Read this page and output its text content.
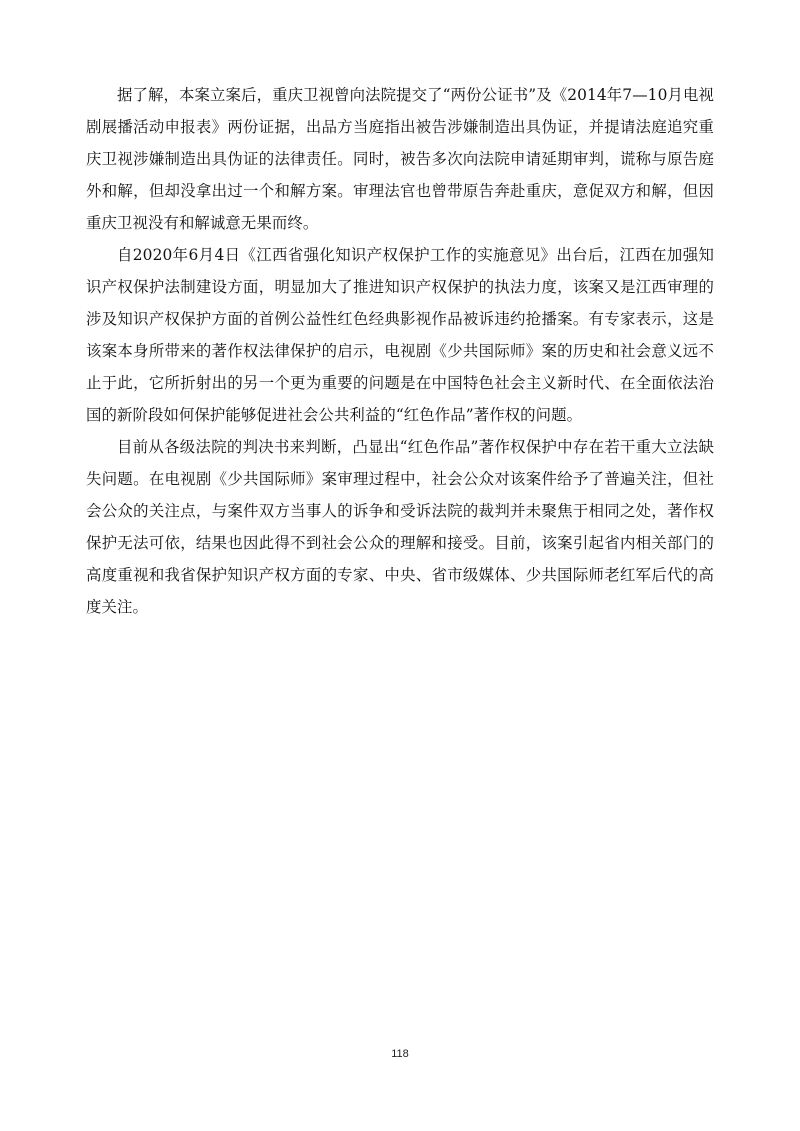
据了解，本案立案后，重庆卫视曾向法院提交了“两份公证书”及《2014年7—10月电视剧展播活动申报表》两份证据，出品方当庭指出被告涉嫌制造出具伪证，并提请法庭追究重庆卫视涉嫌制造出具伪证的法律责任。同时，被告多次向法院申请延期审判，谎称与原告庭外和解，但却没拿出过一个和解方案。审理法官也曾带原告奔赴重庆，意促双方和解，但因重庆卫视没有和解诚意无果而终。

自2020年6月4日《江西省强化知识产权保护工作的实施意见》出台后，江西在加强知识产权保护法制建设方面，明显加大了推进知识产权保护的执法力度，该案又是江西审理的涉及知识产权保护方面的首例公益性红色经典影视作品被诉违约抢播案。有专家表示，这是该案本身所带来的著作权法律保护的启示，电视剧《少共国际师》案的历史和社会意义远不止于此，它所折射出的另一个更为重要的问题是在中国特色社会主义新时代、在全面依法治国的新阶段如何保护能够促进社会公共利益的“红色作品”著作权的问题。

目前从各级法院的判决书来判断，凸显出“红色作品”著作权保护中存在若干重大立法缺失问题。在电视剧《少共国际师》案审理过程中，社会公众对该案件给予了普遍关注，但社会公众的关注点，与案件双方当事人的诉争和受诉法院的裁判并未聚焦于相同之处，著作权保护无法可依，结果也因此得不到社会公众的理解和接受。目前，该案引起省内相关部门的高度重视和我省保护知识产权方面的专家、中央、省市级媒体、少共国际师老红军后代的高度关注。

118
